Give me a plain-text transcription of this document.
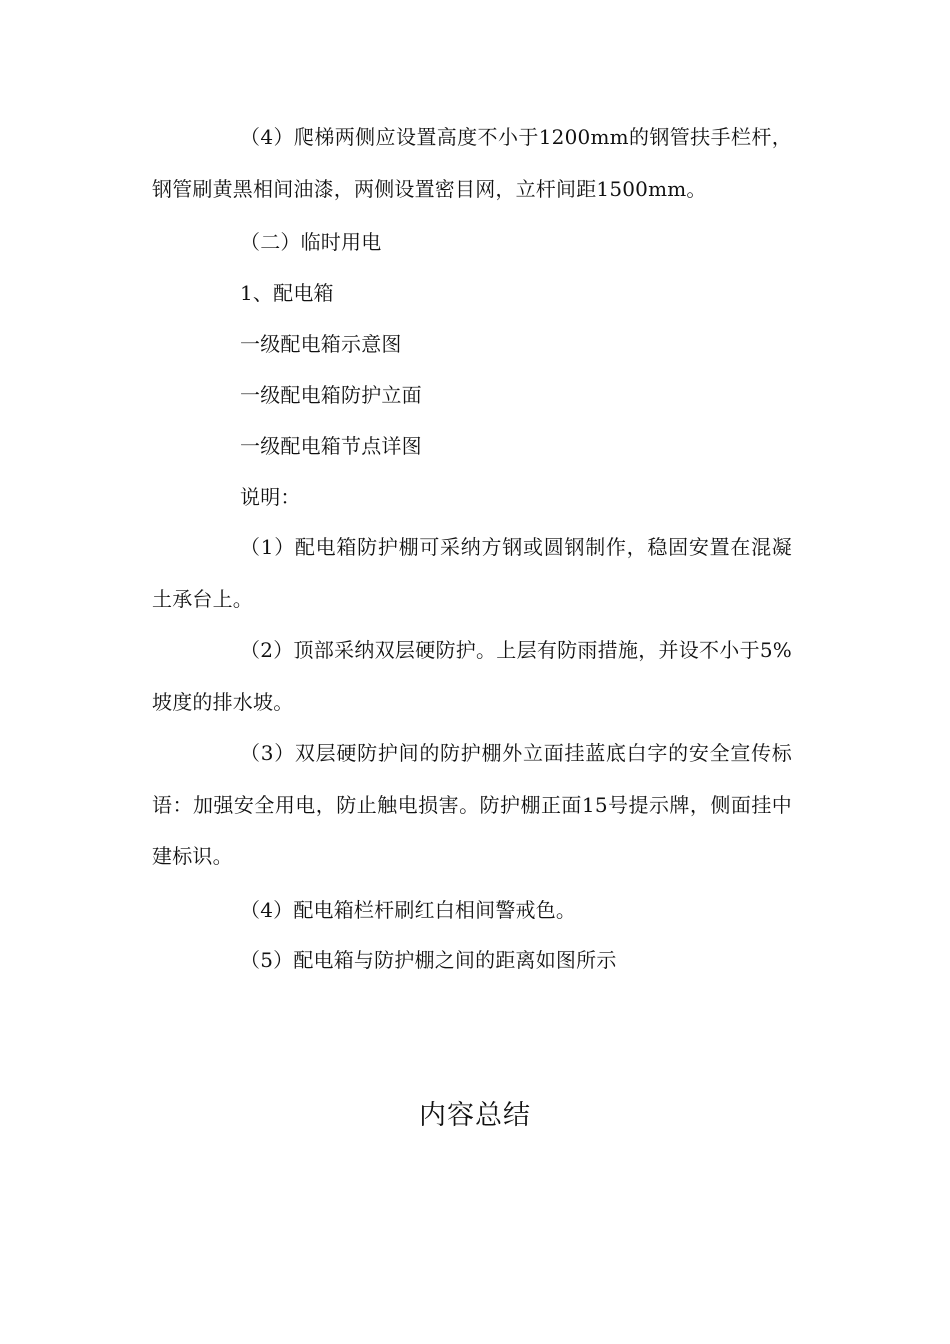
（4）爬梯两侧应设置高度不小于1200mm的钢管扶手栏杆，钢管刷黄黑相间油漆，两侧设置密目网，立杆间距1500mm。

（二）临时用电
1、配电箱
一级配电箱示意图
一级配电箱防护立面
一级配电箱节点详图
说明：

（1）配电箱防护棚可采纳方钢或圆钢制作，稳固安置在混凝土承台上。

（2）顶部采纳双层硬防护。上层有防雨措施，并设不小于5%坡度的排水坡。

（3）双层硬防护间的防护棚外立面挂蓝底白字的安全宣传标语：加强安全用电，防止触电损害。防护棚正面15号提示牌，侧面挂中建标识。

（4）配电箱栏杆刷红白相间警戒色。
（5）配电箱与防护棚之间的距离如图所示
内容总结
